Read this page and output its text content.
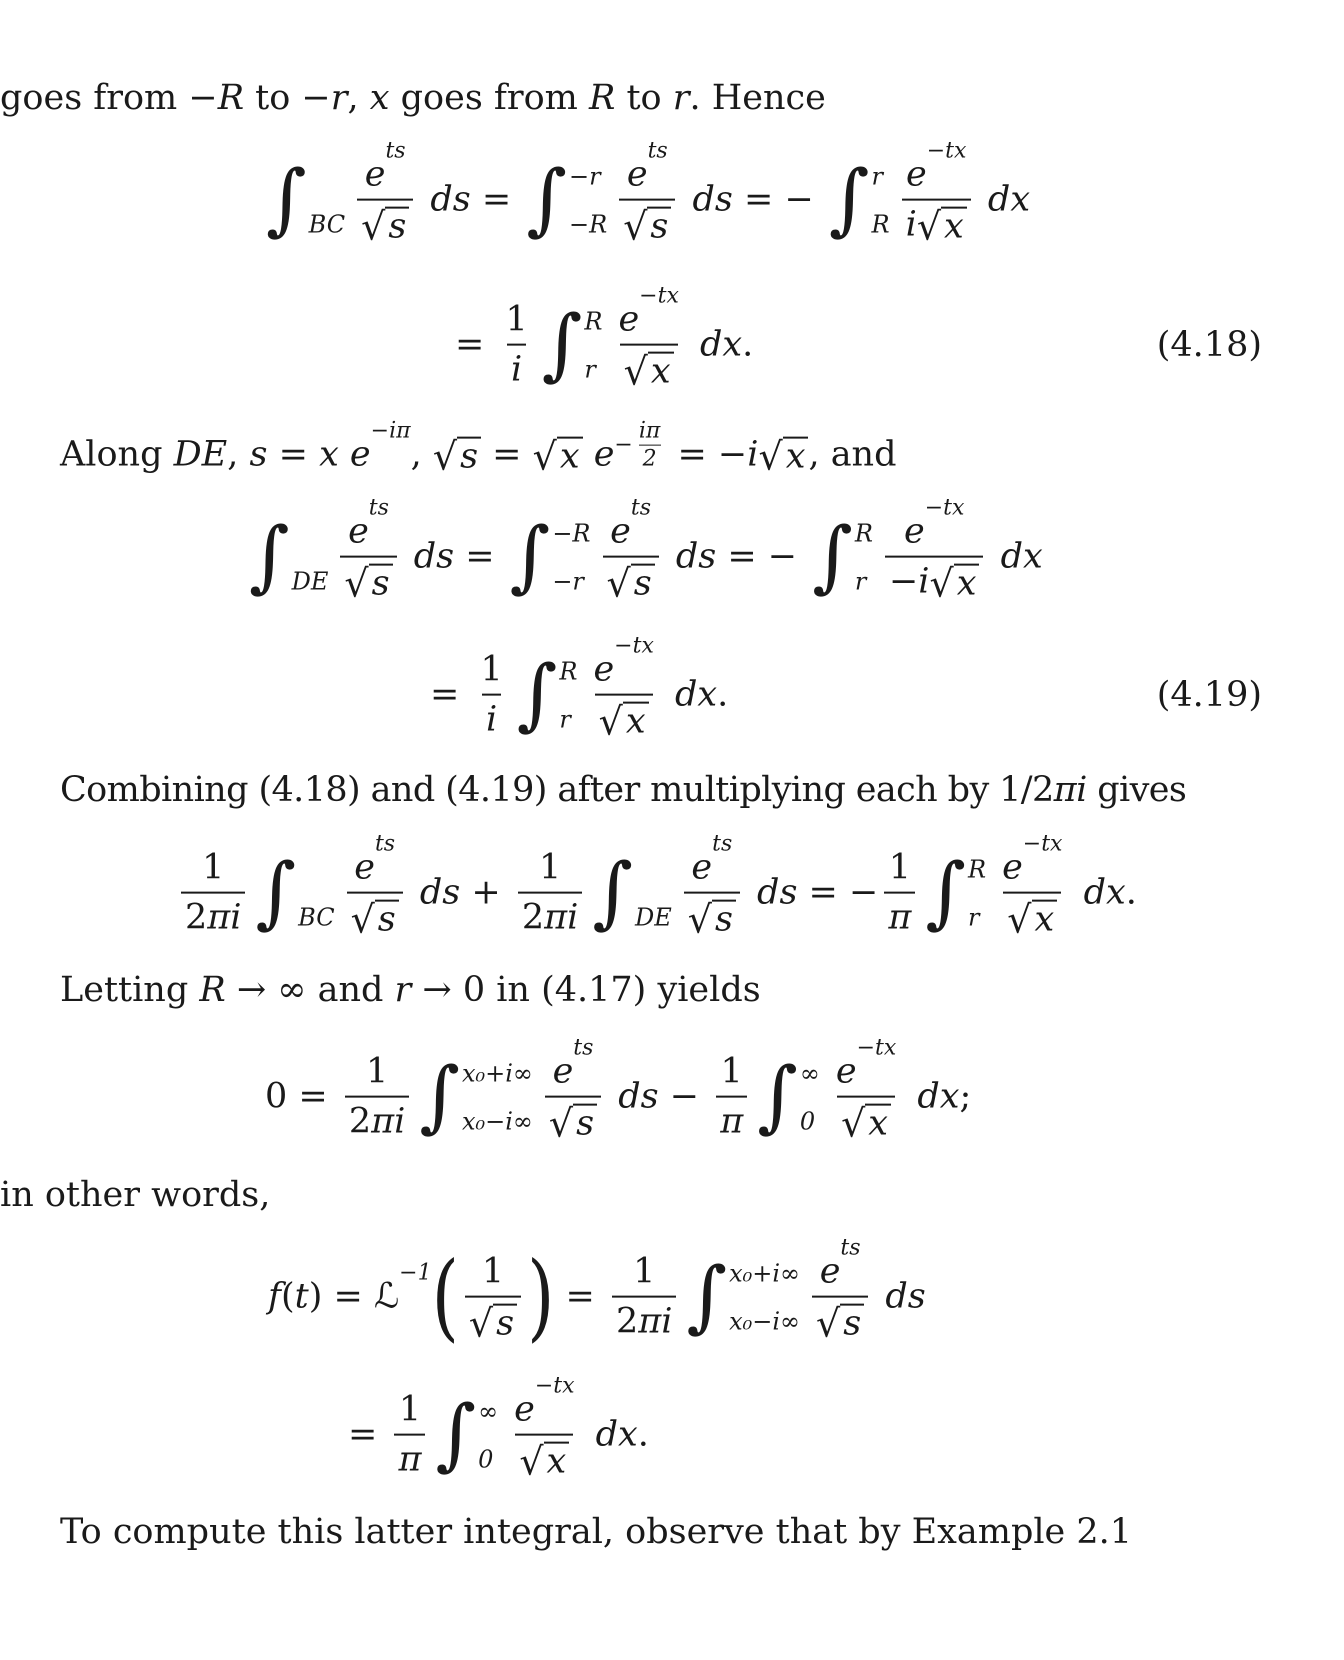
goes from − R to − r , x goes from R to r . Hence
∫ BC e
ts
√ s ds = ∫ −r
−R e
ts
√ s ds = − ∫ r
R e
−tx
i √ x dx
= $\frac{1}{i}$ ∫ R
r e
−tx
√ x dx .	(4.18)
Along DE , s = x e
−iπ
, √ s = √ x $e - \frac{i\pi}{2}$ = − i √ x , and
∫ DE e
ts
√ s ds = ∫ −R
−r e
ts
√ s ds = − ∫ R
r e
−tx
− i √ x dx
= $\frac{1}{i}$ ∫ R
r e
−tx
√ x dx .	(4.19)
Combining (4.18) and (4.19) after multiplying each by 1/2 πi gives
$\frac{1}{2 \pi i}$ ∫ BC e
ts
√ s ds + $\frac{1}{2 \pi i}$ ∫ DE e
ts
√ s ds = − $\frac{1}{\pi}$ ∫ R
r e
−tx
√ x dx .
Letting R → ∞ and r → 0 in (4.17) yields
$0 = \frac{1}{2 \pi i}$ ∫ x₀+i∞
x₀−i∞ e
ts
√ s ds − $\frac{1}{\pi}$ ∫ ∞
0 e
−tx
√ x dx ;
in other words,
f ( t ) = ℒ
−1 ( 1
√ s
) = $\frac{1}{2 \pi i}$ ∫ x₀+i∞
x₀−i∞ e
ts
√ s ds
= $\frac{1}{\pi}$ ∫ ∞
0 e
−tx
√ x dx .
To compute this latter integral, observe that by Example 2.1
